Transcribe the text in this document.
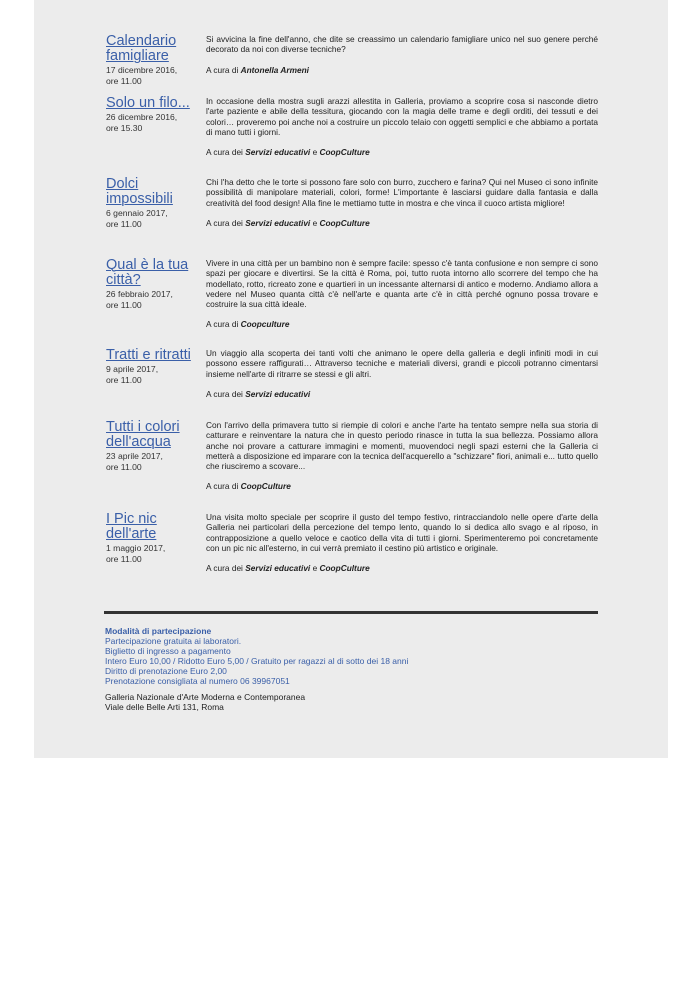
Calendario
famigliare
17 dicembre 2016,
ore 11.00

Si avvicina la fine dell'anno, che dite se creassimo un calendario famigliare unico nel suo genere perché decorato da noi con diverse tecniche?

A cura di Antonella Armeni

Solo un filo...
26 dicembre 2016,
ore 15.30

In occasione della mostra sugli arazzi allestita in Galleria, proviamo a scoprire cosa si nasconde dietro l'arte paziente e abile della tessitura, giocando con la magia delle trame e degli orditi, dei tessuti e dei colori… proveremo poi anche noi a costruire un piccolo telaio con oggetti semplici e che abbiamo a portata di mano tutti i giorni.

A cura dei Servizi educativi e CoopCulture

Dolci
impossibili
6 gennaio 2017,
ore 11.00

Chi l'ha detto che le torte si possono fare solo con burro, zucchero e farina? Qui nel Museo ci sono infinite possibilità di manipolare materiali, colori, forme! L'importante è lasciarsi guidare dalla fantasia e dalla creatività del food design! Alla fine le mettiamo tutte in mostra e che vinca il cuoco artista migliore!

A cura dei Servizi educativi e CoopCulture

Qual è la tua
città?
26 febbraio 2017,
ore 11.00

Vivere in una città per un bambino non è sempre facile: spesso c'è tanta confusione e non sempre ci sono spazi per giocare e divertirsi. Se la città è Roma, poi, tutto ruota intorno allo scorrere del tempo che ha modellato, rotto, ricreato zone e quartieri in un incessante alternarsi di antico e moderno. Andiamo allora a vedere nel Museo quanta città c'è nell'arte e quanta arte c'è in città perché ognuno possa trovare e costruire la sua città ideale.

A cura di Coopculture

Tratti e ritratti
9 aprile 2017,
ore 11.00

Un viaggio alla scoperta dei tanti volti che animano le opere della galleria e degli infiniti modi in cui possono essere raffigurati… Attraverso tecniche e materiali diversi, grandi e piccoli potranno cimentarsi insieme nell'arte di ritrarre se stessi e gli altri.

A cura dei Servizi educativi

Tutti i colori
dell'acqua
23 aprile 2017,
ore 11.00

Con l'arrivo della primavera tutto si riempie di colori e anche l'arte ha tentato sempre nella sua storia di catturare e reinventare la natura che in questo periodo rinasce in tutta la sua bellezza. Possiamo allora anche noi provare a catturare immagini e momenti, muovendoci negli spazi esterni che la Galleria ci metterà a disposizione ed imparare con la tecnica dell'acquerello a "schizzare" fiori, animali e... tutto quello che riusciremo a scovare...

A cura di CoopCulture

I Pic nic
dell'arte
1 maggio 2017,
ore 11.00

Una visita molto speciale per scoprire il gusto del tempo festivo, rintracciandolo nelle opere d'arte della Galleria nei particolari della percezione del tempo lento, quando lo si dedica allo svago e al riposo, in contrapposizione a quello veloce e caotico della vita di tutti i giorni. Sperimenteremo poi concretamente con un pic nic all'esterno, in cui verrà premiato il cestino più artistico e originale.

A cura dei Servizi educativi e CoopCulture

Modalità di partecipazione
Partecipazione gratuita ai laboratori.
Biglietto di ingresso a pagamento
Intero Euro 10,00 / Ridotto Euro 5,00 / Gratuito per ragazzi al di sotto dei 18 anni
Diritto di prenotazione Euro 2,00
Prenotazione consigliata al numero 06 39967051
Galleria Nazionale d'Arte Moderna e Contemporanea
Viale delle Belle Arti 131, Roma
